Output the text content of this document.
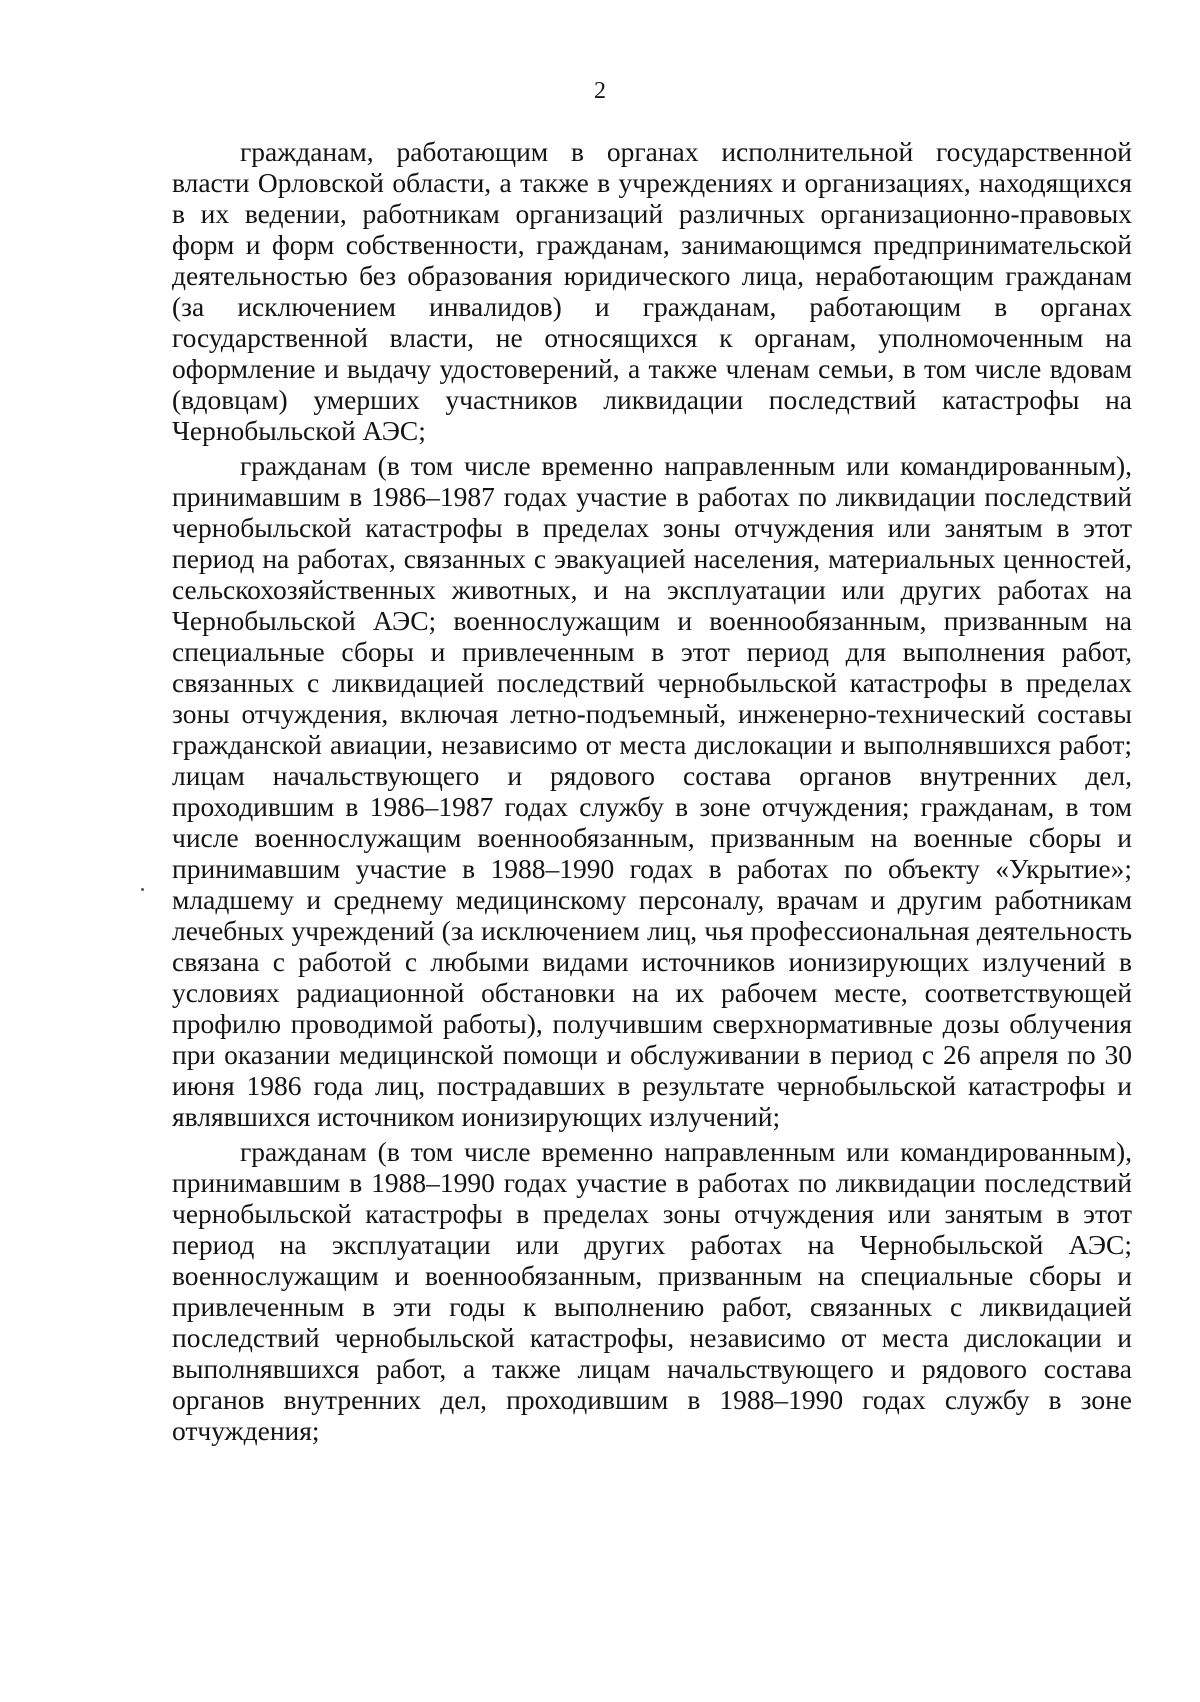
2

гражданам, работающим в органах исполнительной государственной власти Орловской области, а также в учреждениях и организациях, находящихся в их ведении, работникам организаций различных организационно-правовых форм и форм собственности, гражданам, занимающимся предпринимательской деятельностью без образования юридического лица, неработающим гражданам (за исключением инвалидов) и гражданам, работающим в органах государственной власти, не относящихся к органам, уполномоченным на оформление и выдачу удостоверений, а также членам семьи, в том числе вдовам (вдовцам) умерших участников ликвидации последствий катастрофы на Чернобыльской АЭС;

гражданам (в том числе временно направленным или командированным), принимавшим в 1986–1987 годах участие в работах по ликвидации последствий чернобыльской катастрофы в пределах зоны отчуждения или занятым в этот период на работах, связанных с эвакуацией населения, материальных ценностей, сельскохозяйственных животных, и на эксплуатации или других работах на Чернобыльской АЭС; военнослужащим и военнообязанным, призванным на специальные сборы и привлеченным в этот период для выполнения работ, связанных с ликвидацией последствий чернобыльской катастрофы в пределах зоны отчуждения, включая летно-подъемный, инженерно-технический составы гражданской авиации, независимо от места дислокации и выполнявшихся работ; лицам начальствующего и рядового состава органов внутренних дел, проходившим в 1986–1987 годах службу в зоне отчуждения; гражданам, в том числе военнослужащим военнообязанным, призванным на военные сборы и принимавшим участие в 1988–1990 годах в работах по объекту «Укрытие»; младшему и среднему медицинскому персоналу, врачам и другим работникам лечебных учреждений (за исключением лиц, чья профессиональная деятельность связана с работой с любыми видами источников ионизирующих излучений в условиях радиационной обстановки на их рабочем месте, соответствующей профилю проводимой работы), получившим сверхнормативные дозы облучения при оказании медицинской помощи и обслуживании в период с 26 апреля по 30 июня 1986 года лиц, пострадавших в результате чернобыльской катастрофы и являвшихся источником ионизирующих излучений;

гражданам (в том числе временно направленным или командированным), принимавшим в 1988–1990 годах участие в работах по ликвидации последствий чернобыльской катастрофы в пределах зоны отчуждения или занятым в этот период на эксплуатации или других работах на Чернобыльской АЭС; военнослужащим и военнообязанным, призванным на специальные сборы и привлеченным в эти годы к выполнению работ, связанных с ликвидацией последствий чернобыльской катастрофы, независимо от места дислокации и выполнявшихся работ, а также лицам начальствующего и рядового состава органов внутренних дел, проходившим в 1988–1990 годах службу в зоне отчуждения;
